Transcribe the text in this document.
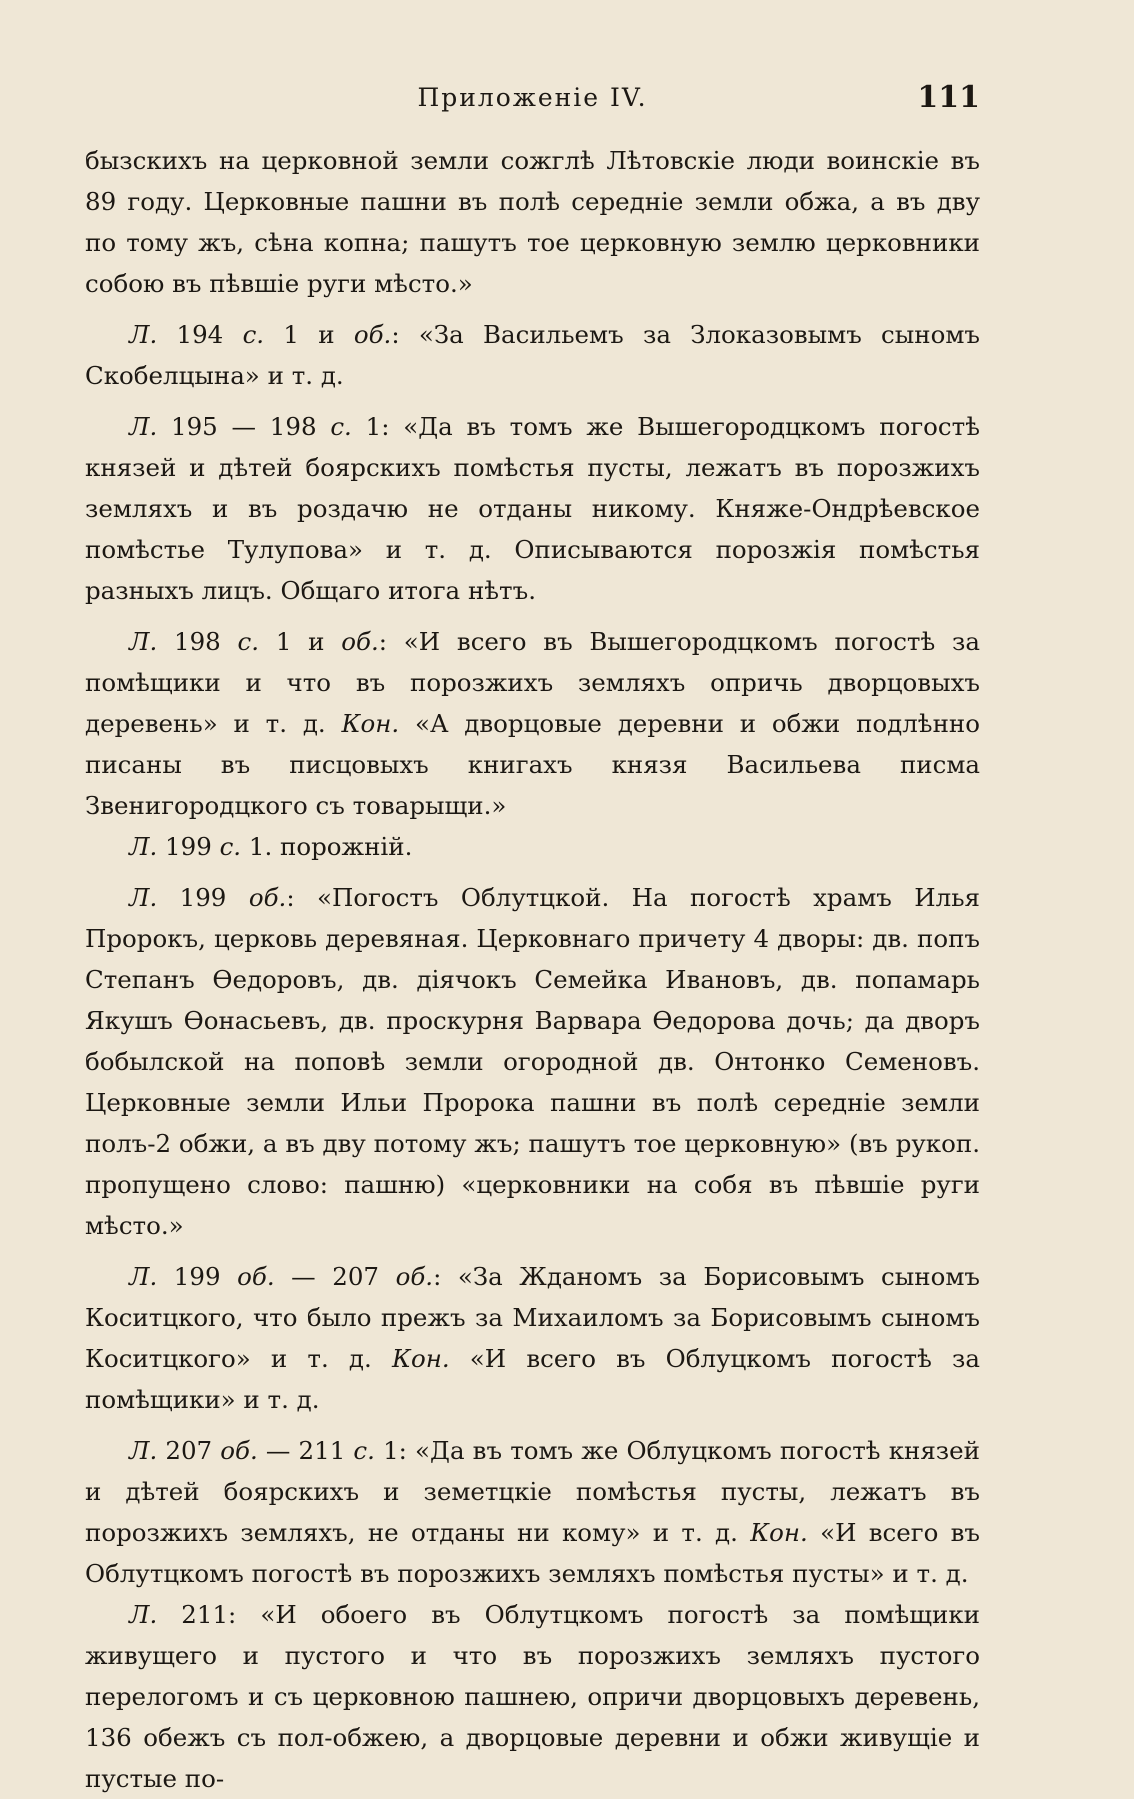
Приложеніе IV.	111

бызскихъ на церковной земли сожглѣ Лѣтовскіе люди воинскіе въ 89 году. Церковные пашни въ полѣ середніе земли обжа, а въ дву по тому жъ, сѣна копна; пашутъ тое церковную землю церковники собою въ пѣвшіе руги мѣсто.»

Л. 194 с. 1 и об.: «За Васильемъ за Злоказовымъ сыномъ Скобелцына» и т. д.

Л. 195 — 198 с. 1: «Да въ томъ же Вышегородцкомъ погостѣ князей и дѣтей боярскихъ помѣстья пусты, лежатъ въ порозжихъ земляхъ и въ роздачю не отданы никому. Княже-Ондрѣевское помѣстье Тулупова» и т. д. Описываются порозжія помѣстья разныхъ лицъ. Общаго итога нѣтъ.

Л. 198 с. 1 и об.: «И всего въ Вышегородцкомъ погостѣ за помѣщики и что въ порозжихъ земляхъ опричь дворцовыхъ деревень» и т. д. Кон. «А дворцовые деревни и обжи подлѣнно писаны въ писцовыхъ книгахъ князя Васильева писма Звенигородцкого съ товарыщи.»

Л. 199 с. 1. порожній.

Л. 199 об.: «Погостъ Облутцкой. На погостѣ храмъ Илья Пророкъ, церковь деревяная. Церковнаго причету 4 дворы: дв. попъ Степанъ Ѳедоровъ, дв. діячокъ Семейка Ивановъ, дв. попамарь Якушъ Ѳонасьевъ, дв. проскурня Варвара Ѳедорова дочь; да дворъ бобылской на поповѣ земли огородной дв. Онтонко Семеновъ. Церковные земли Ильи Пророка пашни въ полѣ середніе земли полъ-2 обжи, а въ дву потому жъ; пашутъ тое церковную» (въ рукоп. пропущено слово: пашню) «церковники на собя въ пѣвшіе руги мѣсто.»

Л. 199 об. — 207 об.: «За Жданомъ за Борисовымъ сыномъ Коситцкого, что было прежъ за Михаиломъ за Борисовымъ сыномъ Коситцкого» и т. д. Кон. «И всего въ Облуцкомъ погостѣ за помѣщики» и т. д.

Л. 207 об. — 211 с. 1: «Да въ томъ же Облуцкомъ погостѣ князей и дѣтей боярскихъ и земетцкіе помѣстья пусты, лежатъ въ порозжихъ земляхъ, не отданы ни кому» и т. д. Кон. «И всего въ Облутцкомъ погостѣ въ порозжихъ земляхъ помѣстья пусты» и т. д.

Л. 211: «И обоего въ Облутцкомъ погостѣ за помѣщики живущего и пустого и что въ порозжихъ земляхъ пустого перелогомъ и съ церковною пашнею, опричи дворцовыхъ деревень, 136 обежъ съ пол-обжею, а дворцовые деревни и обжи живущіе и пустые по-
